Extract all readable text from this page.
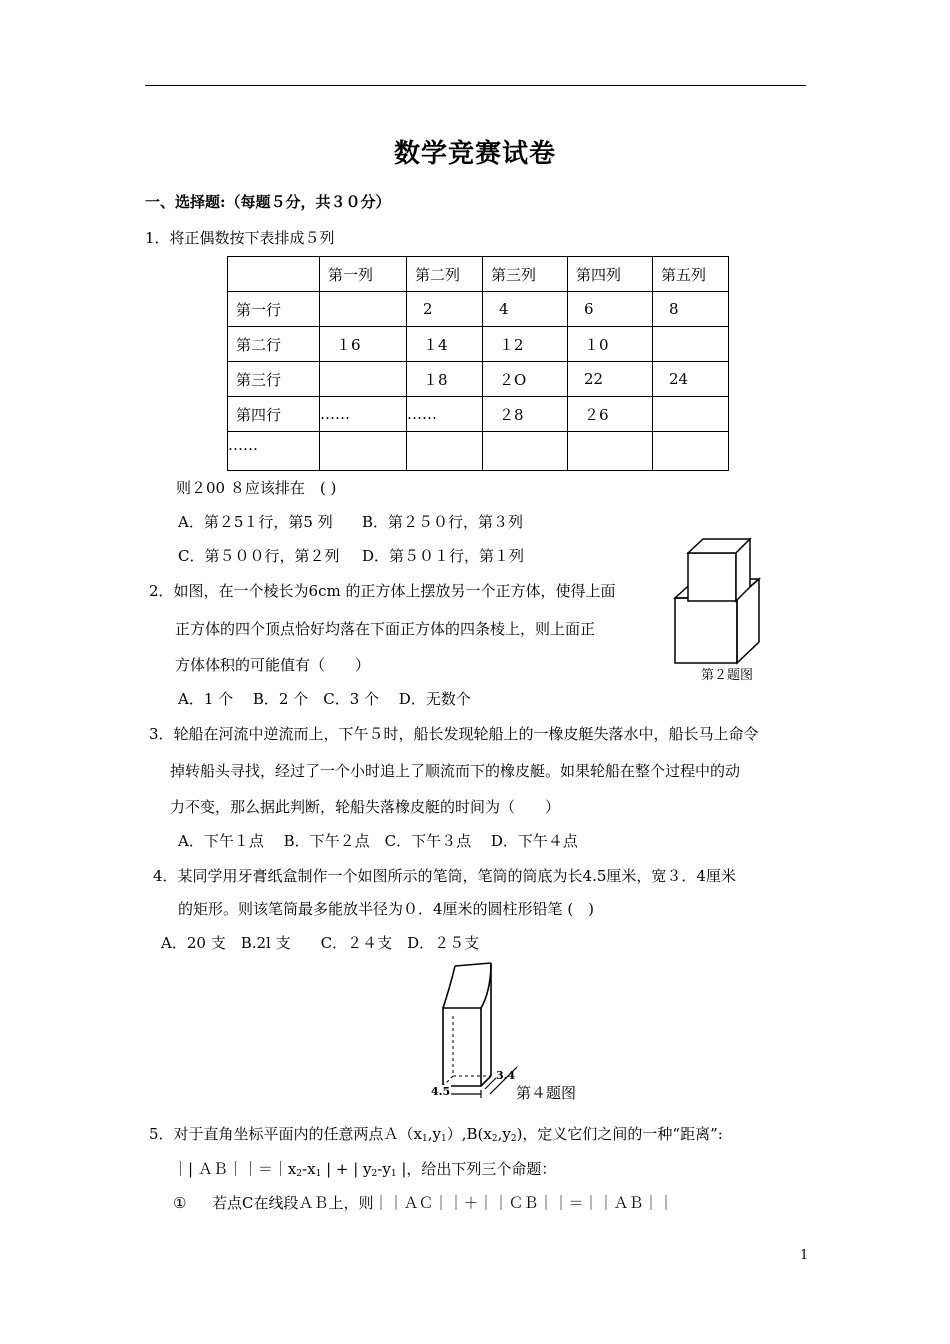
数学竞赛试卷
一、选择题:（每题５分，共３０分）
1．将正偶数按下表排成５列
	第一列	第二列	第三列	第四列	第五列
第一行		2	4	6	8
第二行	１6	１4	１2	１0	
第三行		１8	２O	22	24
第四行	……	……	２8	２6	
……					
则２00 ８应该排在　( )
A．第２5１行，第5 列 B．第２５０行，第３列
C．第５００行，第２列 D．第５０１行，第１列
第２题图
2．如图，在一个棱长为6cm 的正方体上摆放另一个正方体，使得上面
正方体的四个顶点恰好均落在下面正方体的四条棱上，则上面正
方体体积的可能值有（　　）
A．1 个　 B．2 个　C．3 个　 D．无数个
3．轮船在河流中逆流而上，下午５时，船长发现轮船上的一橡皮艇失落水中，船长马上命令
掉转船头寻找，经过了一个小时追上了顺流而下的橡皮艇。如果轮船在整个过程中的动
力不变，那么据此判断，轮船失落橡皮艇的时间为（　　）
A．下午１点　 B．下午２点　C．下午３点　 D．下午４点
4．某同学用牙膏纸盒制作一个如图所示的笔筒，笔筒的筒底为长4.5厘米，宽３．4厘米
的矩形。则该笔筒最多能放半径为０．4厘米的圆柱形铅笔 (　)
A．20 支　B.2l 支　　C．２４支　D．２５支
4.5
3.4
第４题图
5．对于直角坐标平面内的任意两点$A(x_1,y_1),B(x_2,y_2)$，定义它们之间的一种“距离”:
｜| $AB||=|x_2-x_1$ | + | $y_2-y_1$ |，给出下列三个命题：
① 若点C在线段ＡＢ上，则｜｜ＡＣ｜｜＋｜｜ＣＢ｜｜＝｜｜ＡＢ｜｜
1
